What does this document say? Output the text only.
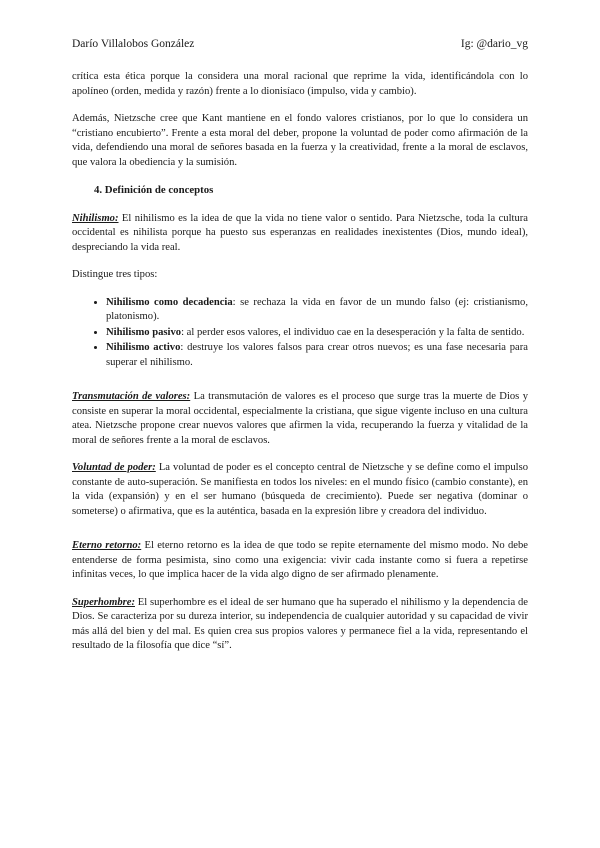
Darío Villalobos González	Ig: @dario_vg

crítica esta ética porque la considera una moral racional que reprime la vida, identificándola con lo apolíneo (orden, medida y razón) frente a lo dionisíaco (impulso, vida y cambio).

Además, Nietzsche cree que Kant mantiene en el fondo valores cristianos, por lo que lo considera un “cristiano encubierto”. Frente a esta moral del deber, propone la voluntad de poder como afirmación de la vida, defendiendo una moral de señores basada en la fuerza y la creatividad, frente a la moral de esclavos, que valora la obediencia y la sumisión.

4. Definición de conceptos

Nihilismo: El nihilismo es la idea de que la vida no tiene valor o sentido. Para Nietzsche, toda la cultura occidental es nihilista porque ha puesto sus esperanzas en realidades inexistentes (Dios, mundo ideal), despreciando la vida real.

Distingue tres tipos:

• Nihilismo como decadencia: se rechaza la vida en favor de un mundo falso (ej: cristianismo, platonismo).
• Nihilismo pasivo: al perder esos valores, el individuo cae en la desesperación y la falta de sentido.
• Nihilismo activo: destruye los valores falsos para crear otros nuevos; es una fase necesaria para superar el nihilismo.

Transmutación de valores: La transmutación de valores es el proceso que surge tras la muerte de Dios y consiste en superar la moral occidental, especialmente la cristiana, que sigue vigente incluso en una cultura atea. Nietzsche propone crear nuevos valores que afirmen la vida, recuperando la fuerza y vitalidad de la moral de señores frente a la moral de esclavos.

Voluntad de poder: La voluntad de poder es el concepto central de Nietzsche y se define como el impulso constante de auto-superación. Se manifiesta en todos los niveles: en el mundo físico (cambio constante), en la vida (expansión) y en el ser humano (búsqueda de crecimiento). Puede ser negativa (dominar o someterse) o afirmativa, que es la auténtica, basada en la expresión libre y creadora del individuo.

Eterno retorno: El eterno retorno es la idea de que todo se repite eternamente del mismo modo. No debe entenderse de forma pesimista, sino como una exigencia: vivir cada instante como si fuera a repetirse infinitas veces, lo que implica hacer de la vida algo digno de ser afirmado plenamente.

Superhombre: El superhombre es el ideal de ser humano que ha superado el nihilismo y la dependencia de Dios. Se caracteriza por su dureza interior, su independencia de cualquier autoridad y su capacidad de vivir más allá del bien y del mal. Es quien crea sus propios valores y permanece fiel a la vida, representando el resultado de la filosofía que dice “sí”.
